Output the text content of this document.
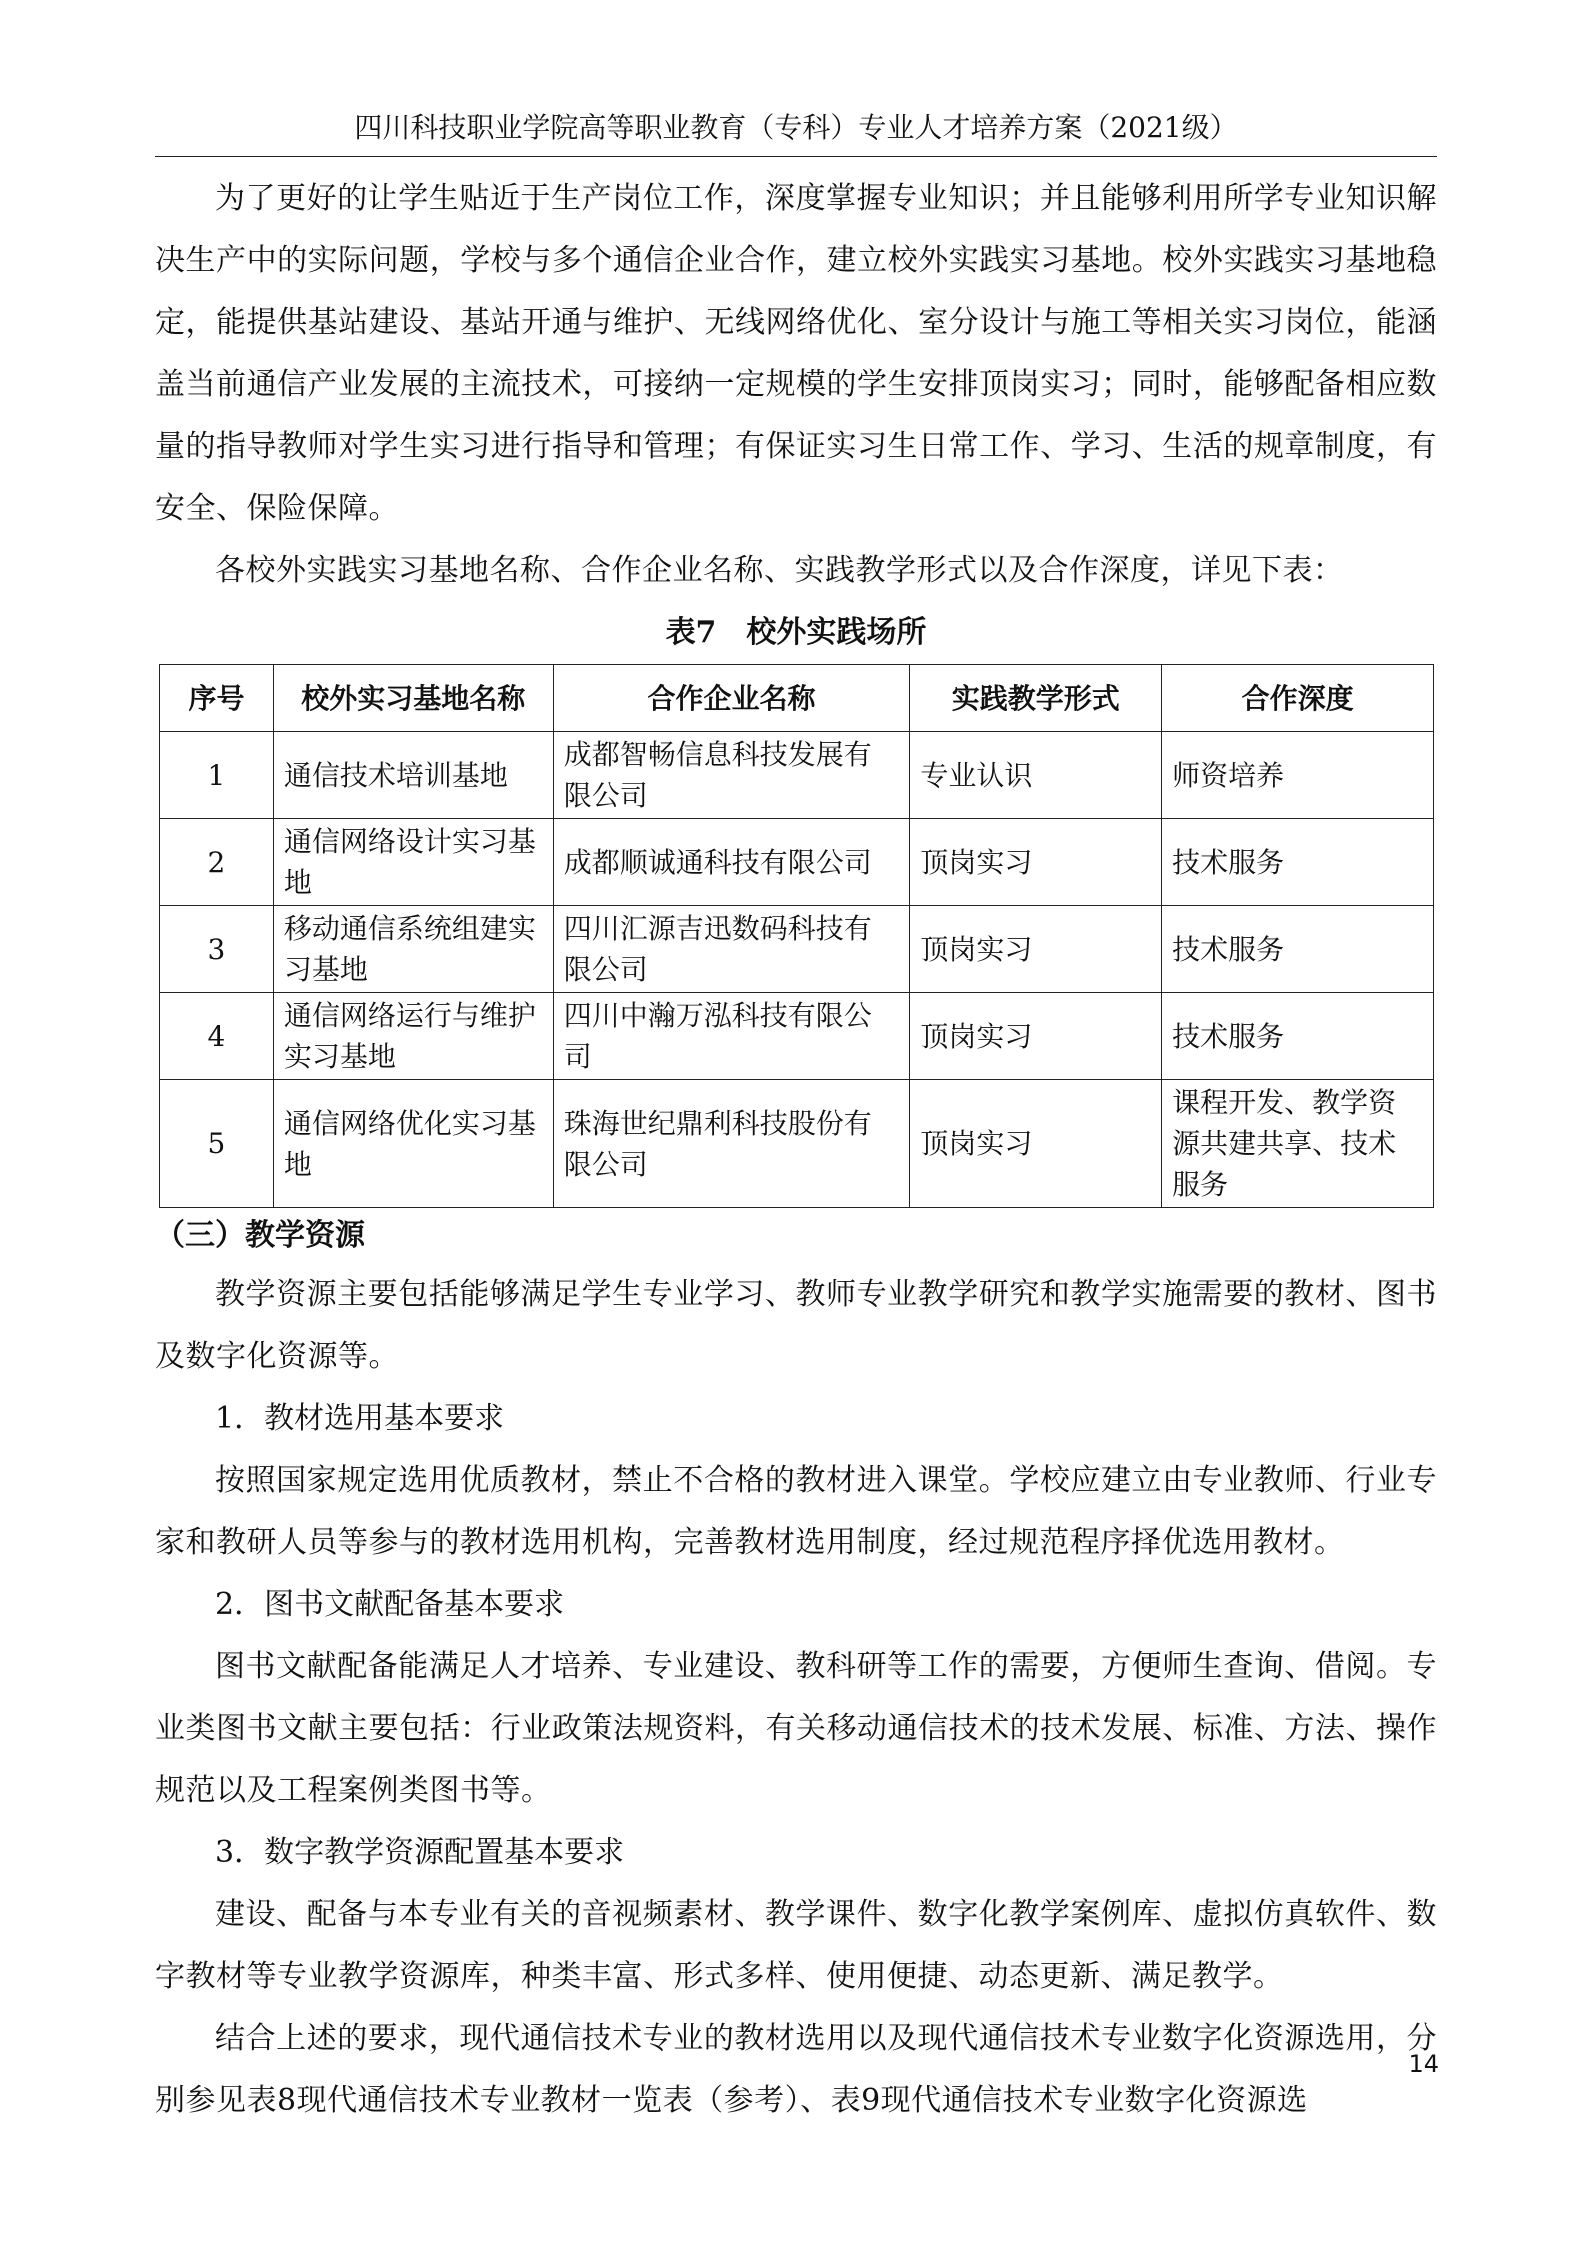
四川科技职业学院高等职业教育（专科）专业人才培养方案（2021级）

为了更好的让学生贴近于生产岗位工作，深度掌握专业知识；并且能够利用所学专业知识解决生产中的实际问题，学校与多个通信企业合作，建立校外实践实习基地。校外实践实习基地稳定，能提供基站建设、基站开通与维护、无线网络优化、室分设计与施工等相关实习岗位，能涵盖当前通信产业发展的主流技术，可接纳一定规模的学生安排顶岗实习；同时，能够配备相应数量的指导教师对学生实习进行指导和管理；有保证实习生日常工作、学习、生活的规章制度，有安全、保险保障。

各校外实践实习基地名称、合作企业名称、实践教学形式以及合作深度，详见下表：

表7　校外实践场所

序号	校外实习基地名称	合作企业名称	实践教学形式	合作深度
1	通信技术培训基地	成都智畅信息科技发展有限公司	专业认识	师资培养
2	通信网络设计实习基地	成都顺诚通科技有限公司	顶岗实习	技术服务
3	移动通信系统组建实习基地	四川汇源吉迅数码科技有限公司	顶岗实习	技术服务
4	通信网络运行与维护实习基地	四川中瀚万泓科技有限公司	顶岗实习	技术服务
5	通信网络优化实习基地	珠海世纪鼎利科技股份有限公司	顶岗实习	课程开发、教学资源共建共享、技术服务

（三）教学资源

教学资源主要包括能够满足学生专业学习、教师专业教学研究和教学实施需要的教材、图书及数字化资源等。

1．教材选用基本要求

按照国家规定选用优质教材，禁止不合格的教材进入课堂。学校应建立由专业教师、行业专家和教研人员等参与的教材选用机构，完善教材选用制度，经过规范程序择优选用教材。

2．图书文献配备基本要求

图书文献配备能满足人才培养、专业建设、教科研等工作的需要，方便师生查询、借阅。专业类图书文献主要包括：行业政策法规资料，有关移动通信技术的技术发展、标准、方法、操作规范以及工程案例类图书等。

3．数字教学资源配置基本要求

建设、配备与本专业有关的音视频素材、教学课件、数字化教学案例库、虚拟仿真软件、数字教材等专业教学资源库，种类丰富、形式多样、使用便捷、动态更新、满足教学。

结合上述的要求，现代通信技术专业的教材选用以及现代通信技术专业数字化资源选用，分别参见表8现代通信技术专业教材一览表（参考）、表9现代通信技术专业数字化资源选

14
